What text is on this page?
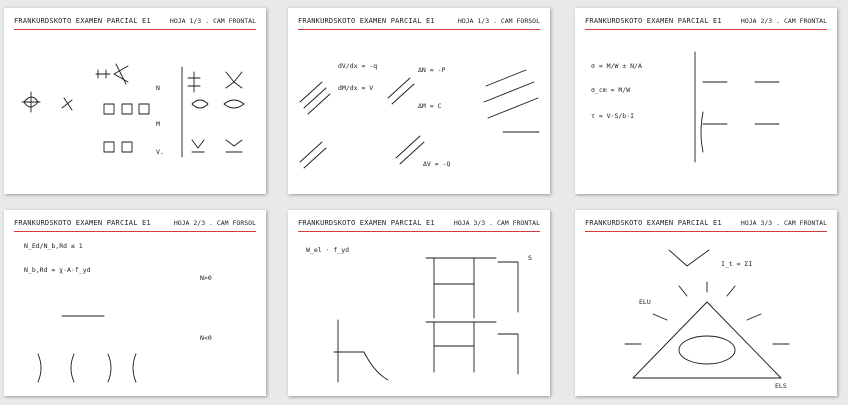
FRANKURDSKOTO EXAMEN PARCIAL E1	HOJA 1/3 . CAM FRONTAL
N
M
V.
FRANKURDSKOTO EXAMEN PARCIAL E1	HOJA 1/3 . CAM FORSOL
dM/dx = V
dV/dx = -q	ΔN = -P
ΔM = C
ΔV = -Q
FRANKURDSKOTO EXAMEN PARCIAL E1	HOJA 2/3 . CAM FRONTAL
σ = M/W ± N/A
σ_cm = M/W
τ = V·S/b·I
FRANKURDSKOTO EXAMEN PARCIAL E1	HOJA 2/3 . CAM FORSOL
N_Ed/N_b,Rd ≤ 1
N_b,Rd = χ·A·f_yd
N>0
N<0
FRANKURDSKOTO EXAMEN PARCIAL E1	HOJA 3/3 . CAM FRONTAL
W_el · f_yd
S
FRANKURDSKOTO EXAMEN PARCIAL E1	HOJA 3/3 . CAM FRONTAL
I_t = ΣI
ELU
ELS
